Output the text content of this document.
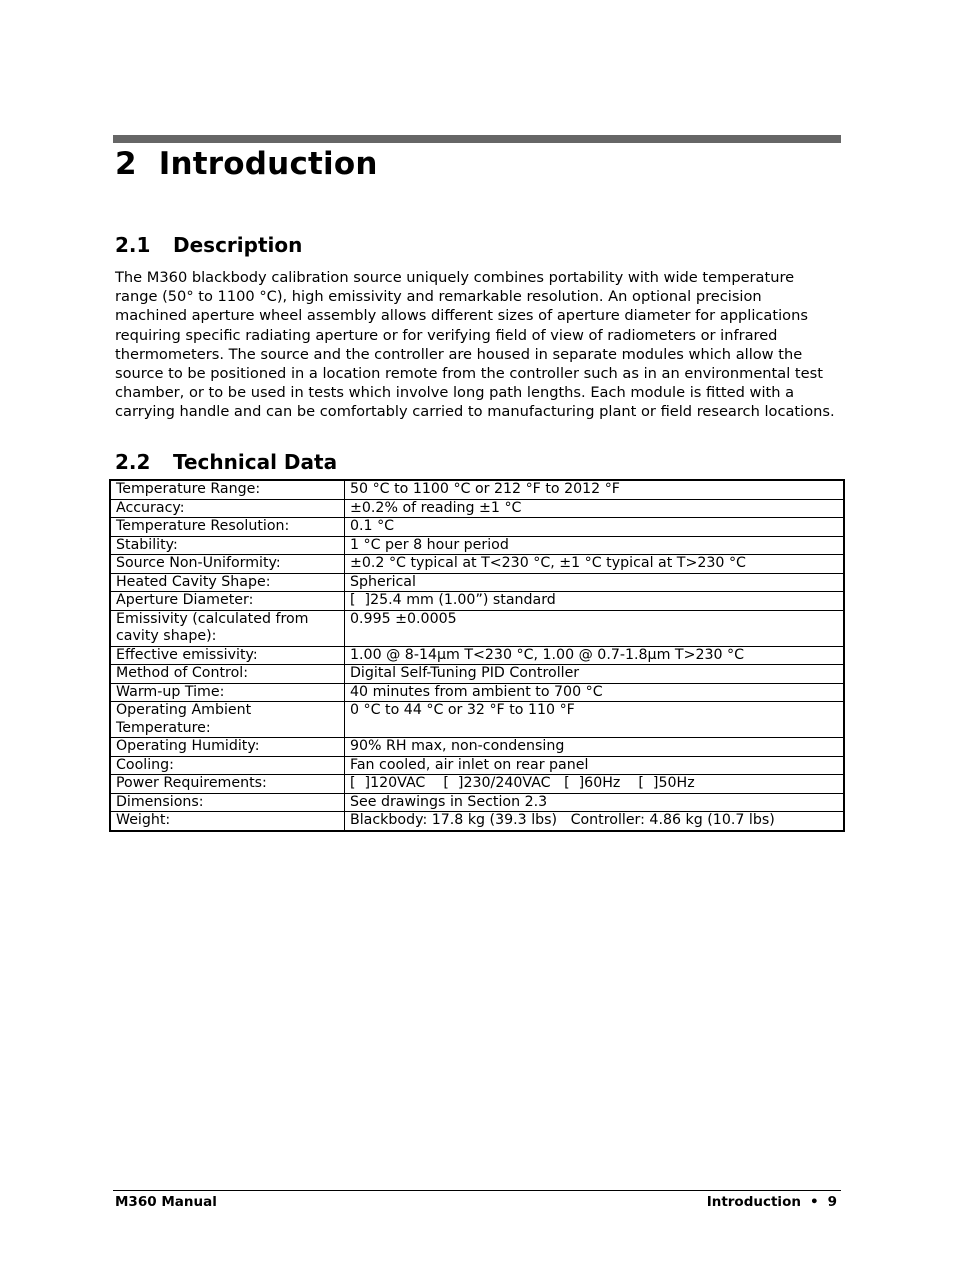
2 Introduction
2.1 Description

The M360 blackbody calibration source uniquely combines portability with wide temperature range (50° to 1100 °C), high emissivity and remarkable resolution. An optional precision machined aperture wheel assembly allows different sizes of aperture diameter for applications requiring specific radiating aperture or for verifying field of view of radiometers or infrared thermometers. The source and the controller are housed in separate modules which allow the source to be positioned in a location remote from the controller such as in an environmental test chamber, or to be used in tests which involve long path lengths. Each module is fitted with a carrying handle and can be comfortably carried to manufacturing plant or field research locations.

2.2 Technical Data
Temperature Range:	50 °C to 1100 °C or 212 °F to 2012 °F
Accuracy:	±0.2% of reading ±1 °C
Temperature Resolution:	0.1 °C
Stability:	1 °C per 8 hour period
Source Non-Uniformity:	±0.2 °C typical at T<230 °C, ±1 °C typical at T>230 °C
Heated Cavity Shape:	Spherical
Aperture Diameter:	[  ]25.4 mm (1.00”) standard
Emissivity (calculated from cavity shape):	0.995 ±0.0005
Effective emissivity:	1.00 @ 8-14μm T<230 °C, 1.00 @ 0.7-1.8μm T>230 °C
Method of Control:	Digital Self-Tuning PID Controller
Warm-up Time:	40 minutes from ambient to 700 °C
Operating Ambient Temperature:	0 °C to 44 °C or 32 °F to 110 °F
Operating Humidity:	90% RH max, non-condensing
Cooling:	Fan cooled, air inlet on rear panel
Power Requirements:	[  ]120VAC    [  ]230/240VAC   [  ]60Hz    [  ]50Hz
Dimensions:	See drawings in Section 2.3
Weight:	Blackbody: 17.8 kg (39.3 lbs)   Controller: 4.86 kg (10.7 lbs)
M360 Manual	Introduction • 9
